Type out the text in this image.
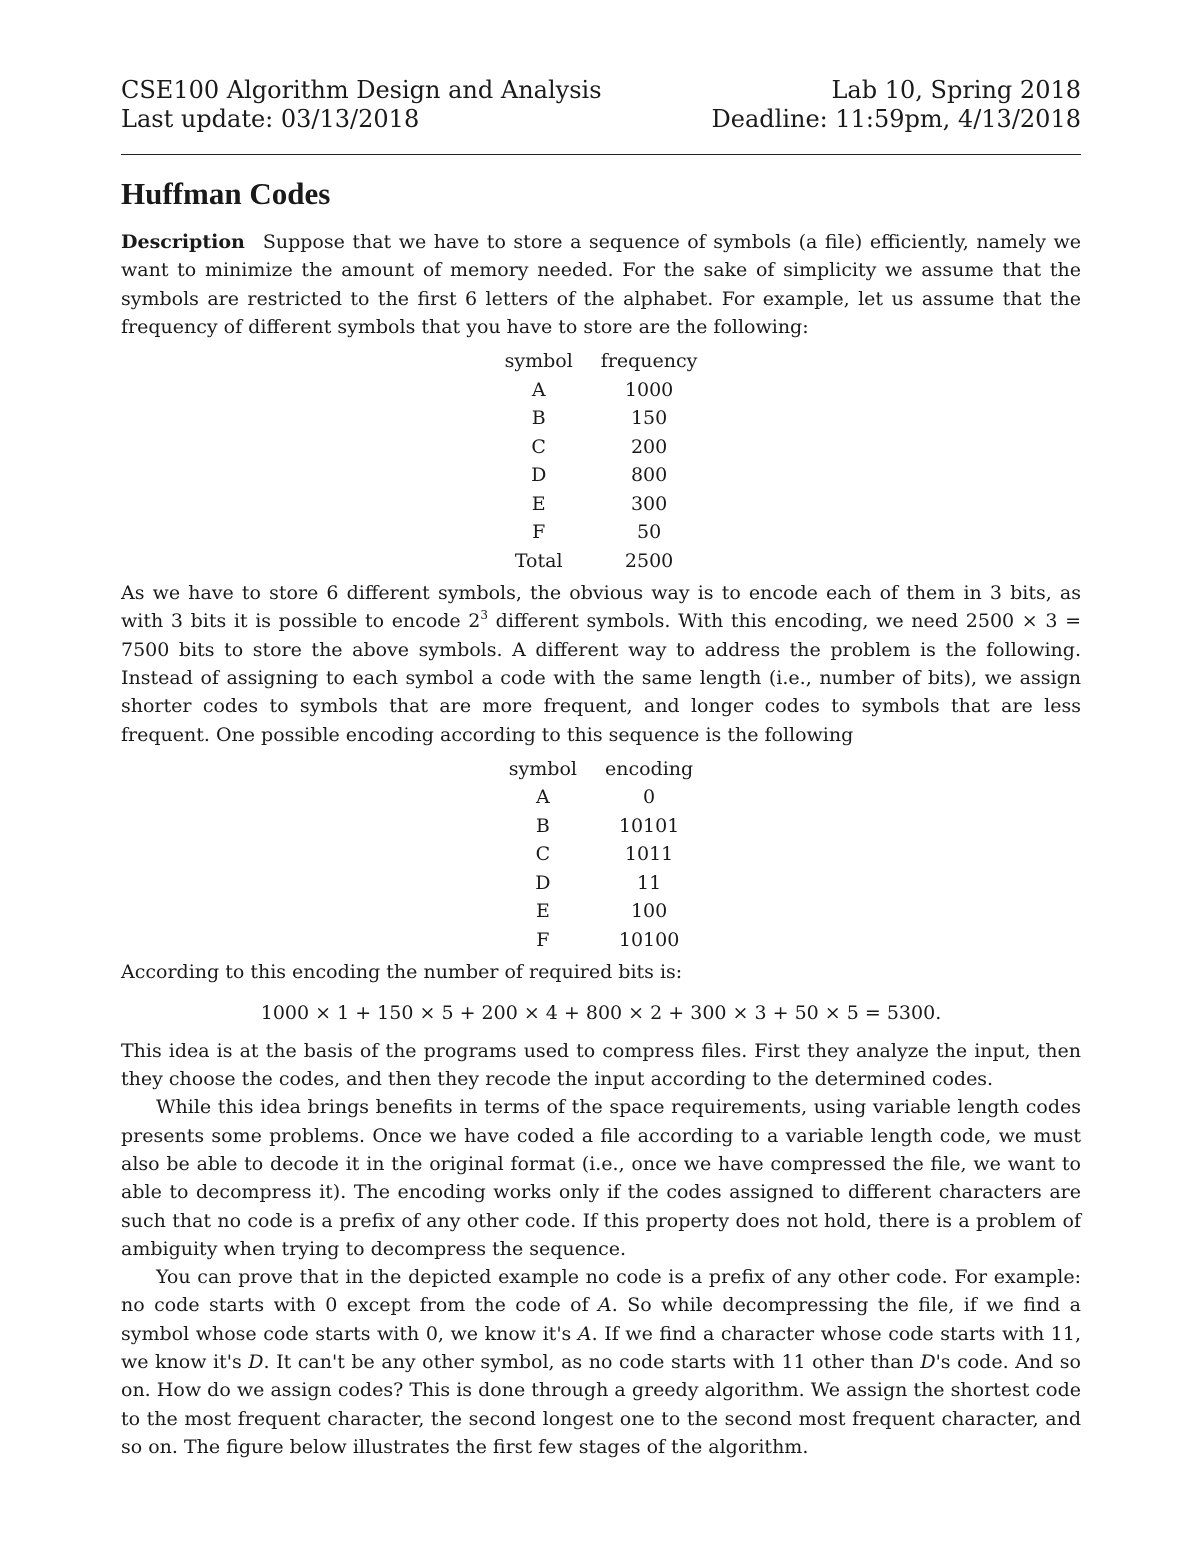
CSE100 Algorithm Design and Analysis	Lab 10, Spring 2018
Last update: 03/13/2018	Deadline: 11:59pm, 4/13/2018
Huffman Codes

Description Suppose that we have to store a sequence of symbols (a file) efficiently, namely we want to minimize the amount of memory needed. For the sake of simplicity we assume that the symbols are restricted to the first 6 letters of the alphabet. For example, let us assume that the frequency of different symbols that you have to store are the following:

symbol	frequency
A	1000
B	150
C	200
D	800
E	300
F	50
Total	2500

As we have to store 6 different symbols, the obvious way is to encode each of them in 3 bits, as with 3 bits it is possible to encode $2^3$ different symbols. With this encoding, we need 2500 × 3 = 7500 bits to store the above symbols. A different way to address the problem is the following. Instead of assigning to each symbol a code with the same length (i.e., number of bits), we assign shorter codes to symbols that are more frequent, and longer codes to symbols that are less frequent. One possible encoding according to this sequence is the following

symbol	encoding
A	0
B	10101
C	1011
D	11
E	100
F	10100

According to this encoding the number of required bits is:

1000 × 1 + 150 × 5 + 200 × 4 + 800 × 2 + 300 × 3 + 50 × 5 = 5300.

This idea is at the basis of the programs used to compress files. First they analyze the input, then they choose the codes, and then they recode the input according to the determined codes.

While this idea brings benefits in terms of the space requirements, using variable length codes presents some problems. Once we have coded a file according to a variable length code, we must also be able to decode it in the original format (i.e., once we have compressed the file, we want to able to decompress it). The encoding works only if the codes assigned to different characters are such that no code is a prefix of any other code. If this property does not hold, there is a problem of ambiguity when trying to decompress the sequence.

You can prove that in the depicted example no code is a prefix of any other code. For example: no code starts with 0 except from the code of A. So while decompressing the file, if we find a symbol whose code starts with 0, we know it's A. If we find a character whose code starts with 11, we know it's D. It can't be any other symbol, as no code starts with 11 other than D's code. And so on. How do we assign codes? This is done through a greedy algorithm. We assign the shortest code to the most frequent character, the second longest one to the second most frequent character, and so on. The figure below illustrates the first few stages of the algorithm.
